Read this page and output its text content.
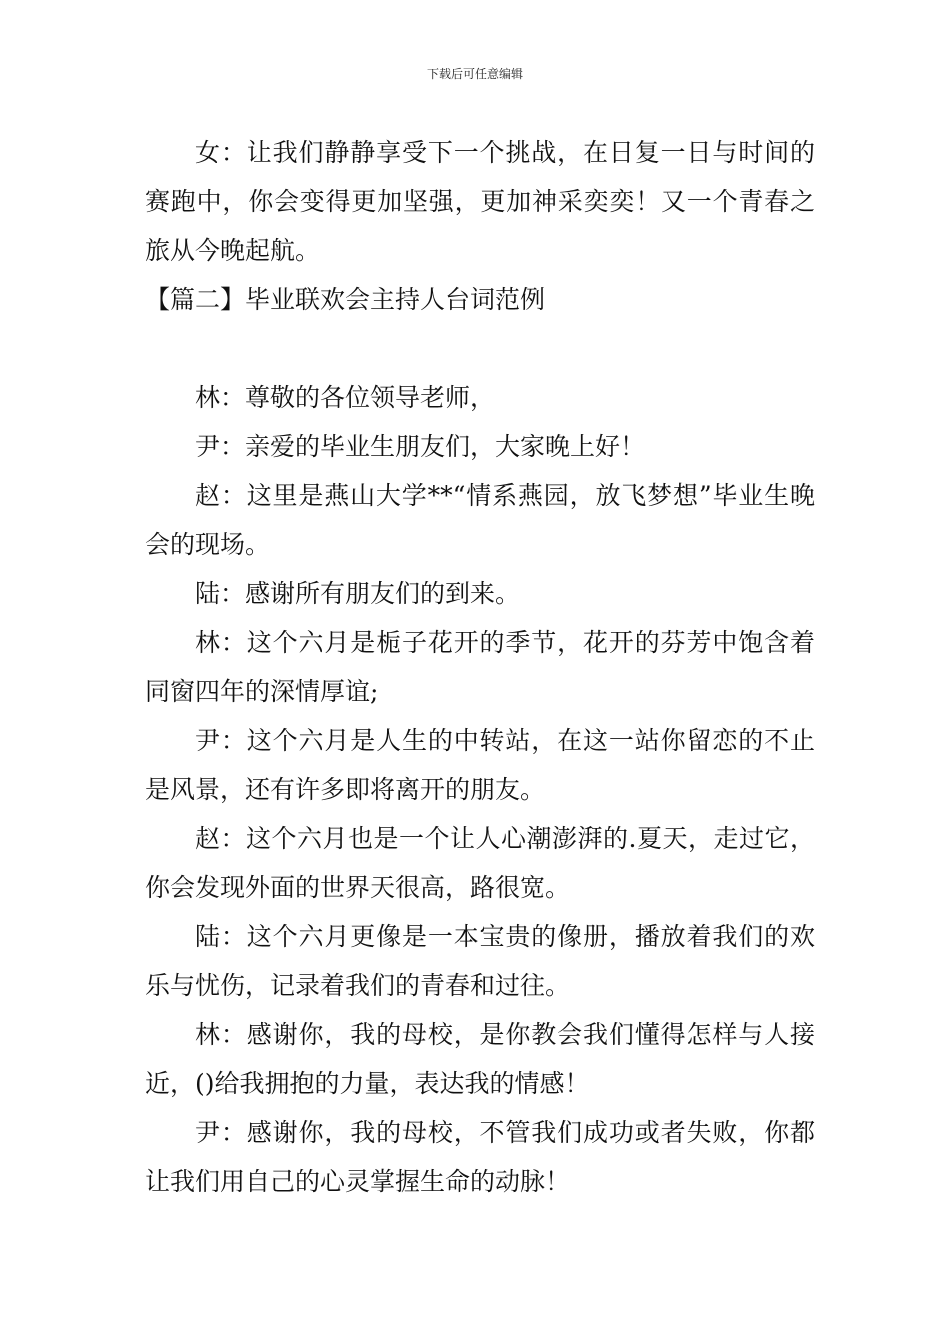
下载后可任意编辑

女：让我们静静享受下一个挑战，在日复一日与时间的赛跑中，你会变得更加坚强，更加神采奕奕！又一个青春之旅从今晚起航。

【篇二】毕业联欢会主持人台词范例

林：尊敬的各位领导老师，

尹：亲爱的毕业生朋友们，大家晚上好！

赵：这里是燕山大学**“情系燕园，放飞梦想”毕业生晚会的现场。

陆：感谢所有朋友们的到来。

林：这个六月是栀子花开的季节，花开的芬芳中饱含着同窗四年的深情厚谊;

尹：这个六月是人生的中转站，在这一站你留恋的不止是风景，还有许多即将离开的朋友。

赵：这个六月也是一个让人心潮澎湃的.夏天，走过它，你会发现外面的世界天很高，路很宽。

陆：这个六月更像是一本宝贵的像册，播放着我们的欢乐与忧伤，记录着我们的青春和过往。

林：感谢你，我的母校，是你教会我们懂得怎样与人接近，()给我拥抱的力量，表达我的情感！

尹：感谢你，我的母校，不管我们成功或者失败，你都让我们用自己的心灵掌握生命的动脉！
